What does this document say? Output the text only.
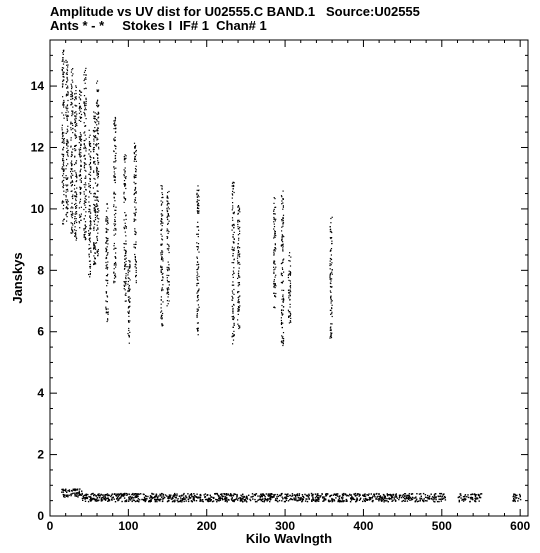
Amplitude vs UV dist for U02555.C BAND.1   Source:U02555
Ants * - *     Stokes I  IF# 1  Chan# 1
0	100	200	300	400	500	600
0
2
4
6
8
10
12
14
Kilo Wavlngth
Janskys
